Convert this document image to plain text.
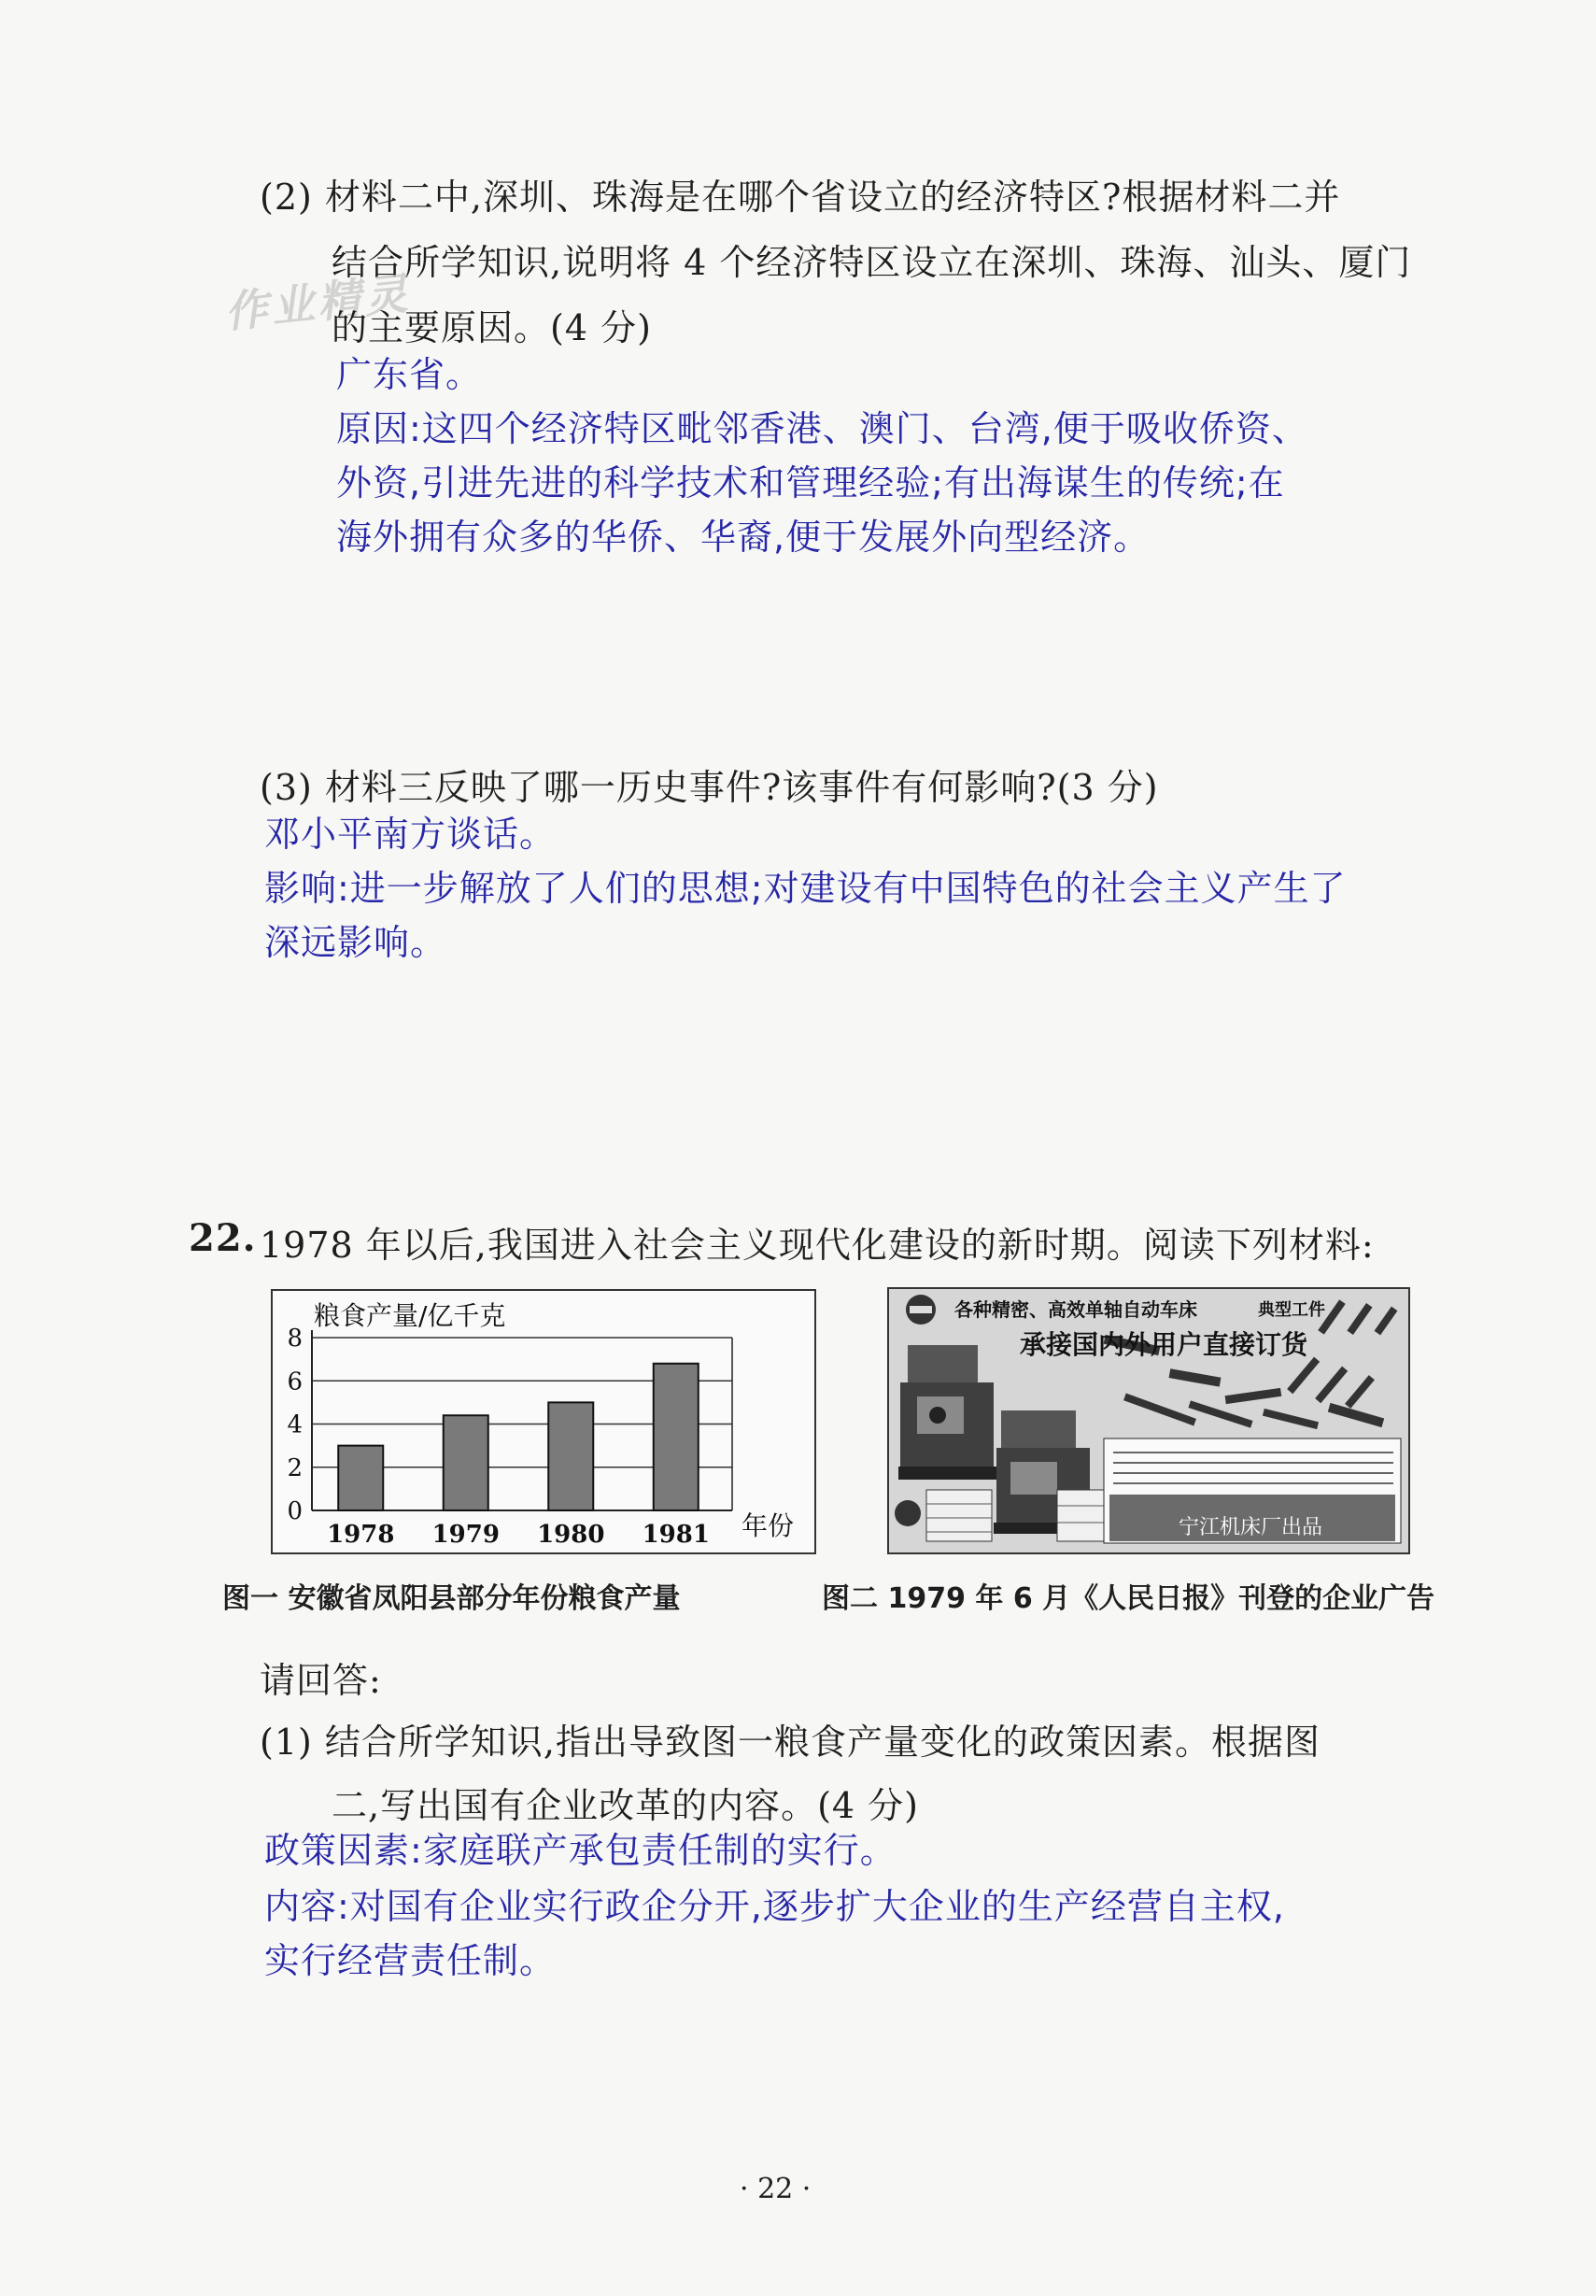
(2) 材料二中,深圳、珠海是在哪个省设立的经济特区?根据材料二并
结合所学知识,说明将 4 个经济特区设立在深圳、珠海、汕头、厦门
作业精灵
的主要原因。(4 分)
广东省。
原因:这四个经济特区毗邻香港、澳门、台湾,便于吸收侨资、
外资,引进先进的科学技术和管理经验;有出海谋生的传统;在
海外拥有众多的华侨、华裔,便于发展外向型经济。
(3) 材料三反映了哪一历史事件?该事件有何影响?(3 分)
邓小平南方谈话。
影响:进一步解放了人们的思想;对建设有中国特色的社会主义产生了
深远影响。
22. 1978 年以后,我国进入社会主义现代化建设的新时期。阅读下列材料:
0
2
4
6
8
1978 1979 1980 1981
粮食产量/亿千克
年份
各种精密、高效单轴自动车床	典型工件
承接国内外用户直接订货
宁江机床厂出品
图一 安徽省凤阳县部分年份粮食产量	图二 1979 年 6 月《人民日报》刊登的企业广告
请回答:
(1) 结合所学知识,指出导致图一粮食产量变化的政策因素。根据图
二,写出国有企业改革的内容。(4 分)
政策因素:家庭联产承包责任制的实行。
内容:对国有企业实行政企分开,逐步扩大企业的生产经营自主权,
实行经营责任制。
· 22 ·
